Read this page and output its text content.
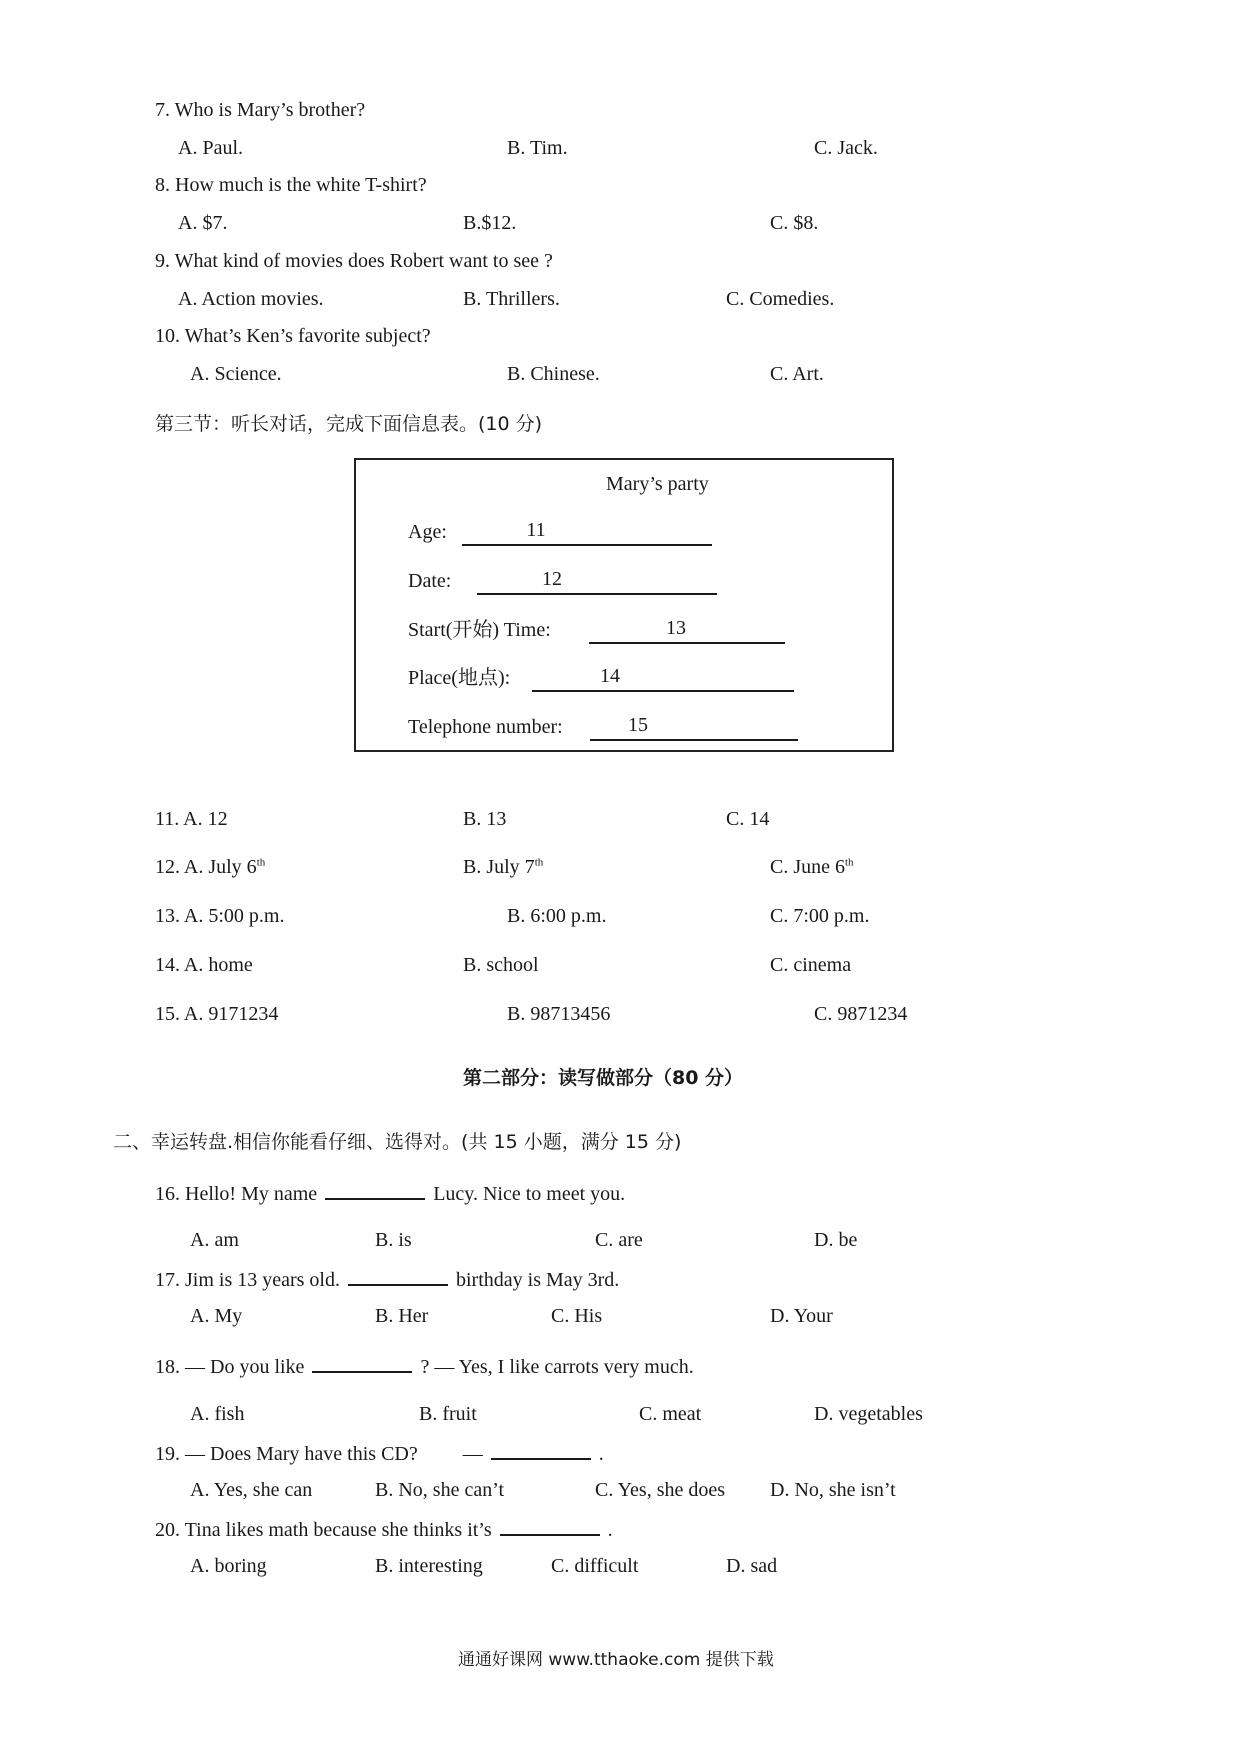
7. Who is Mary’s brother?
A. Paul.	B. Tim.	C. Jack.
8. How much is the white T-shirt?
A. $7.	B.$12.	C. $8.
9. What kind of movies does Robert want to see ?
A. Action movies.	B. Thrillers.	C. Comedies.
10. What’s Ken’s favorite subject?
A. Science.	B. Chinese.	C. Art.
第三节：听长对话，完成下面信息表。(10 分)
Mary’s party
Age:	11
Date:	12
Start(开始) Time:	13
Place(地点):	14
Telephone number:	15
11. A. 12	B. 13	C. 14
12. A. July 6th	B. July 7th	C. June 6th
13. A. 5:00 p.m.	B. 6:00 p.m.	C. 7:00 p.m.
14. A. home	B. school	C. cinema
15. A. 9171234	B. 98713456	C. 9871234
第二部分：读写做部分（80 分）
二、幸运转盘.相信你能看仔细、选得对。(共 15 小题，满分 15 分)
16. Hello! My name	Lucy. Nice to meet you.
A. am	B. is	C. are	D. be
17. Jim is 13 years old.	birthday is May 3rd.
A. My	B. Her	C. His	D. Your
18. — Do you like	? — Yes, I like carrots very much.
A. fish	B. fruit	C. meat	D. vegetables
19. — Does Mary have this CD?         —	.
A. Yes, she can	B. No, she can’t	C. Yes, she does D. No, she isn’t
20. Tina likes math because she thinks it’s	.
A. boring	B. interesting	C. difficult	D. sad
通通好课网 www.tthaoke.com 提供下载
